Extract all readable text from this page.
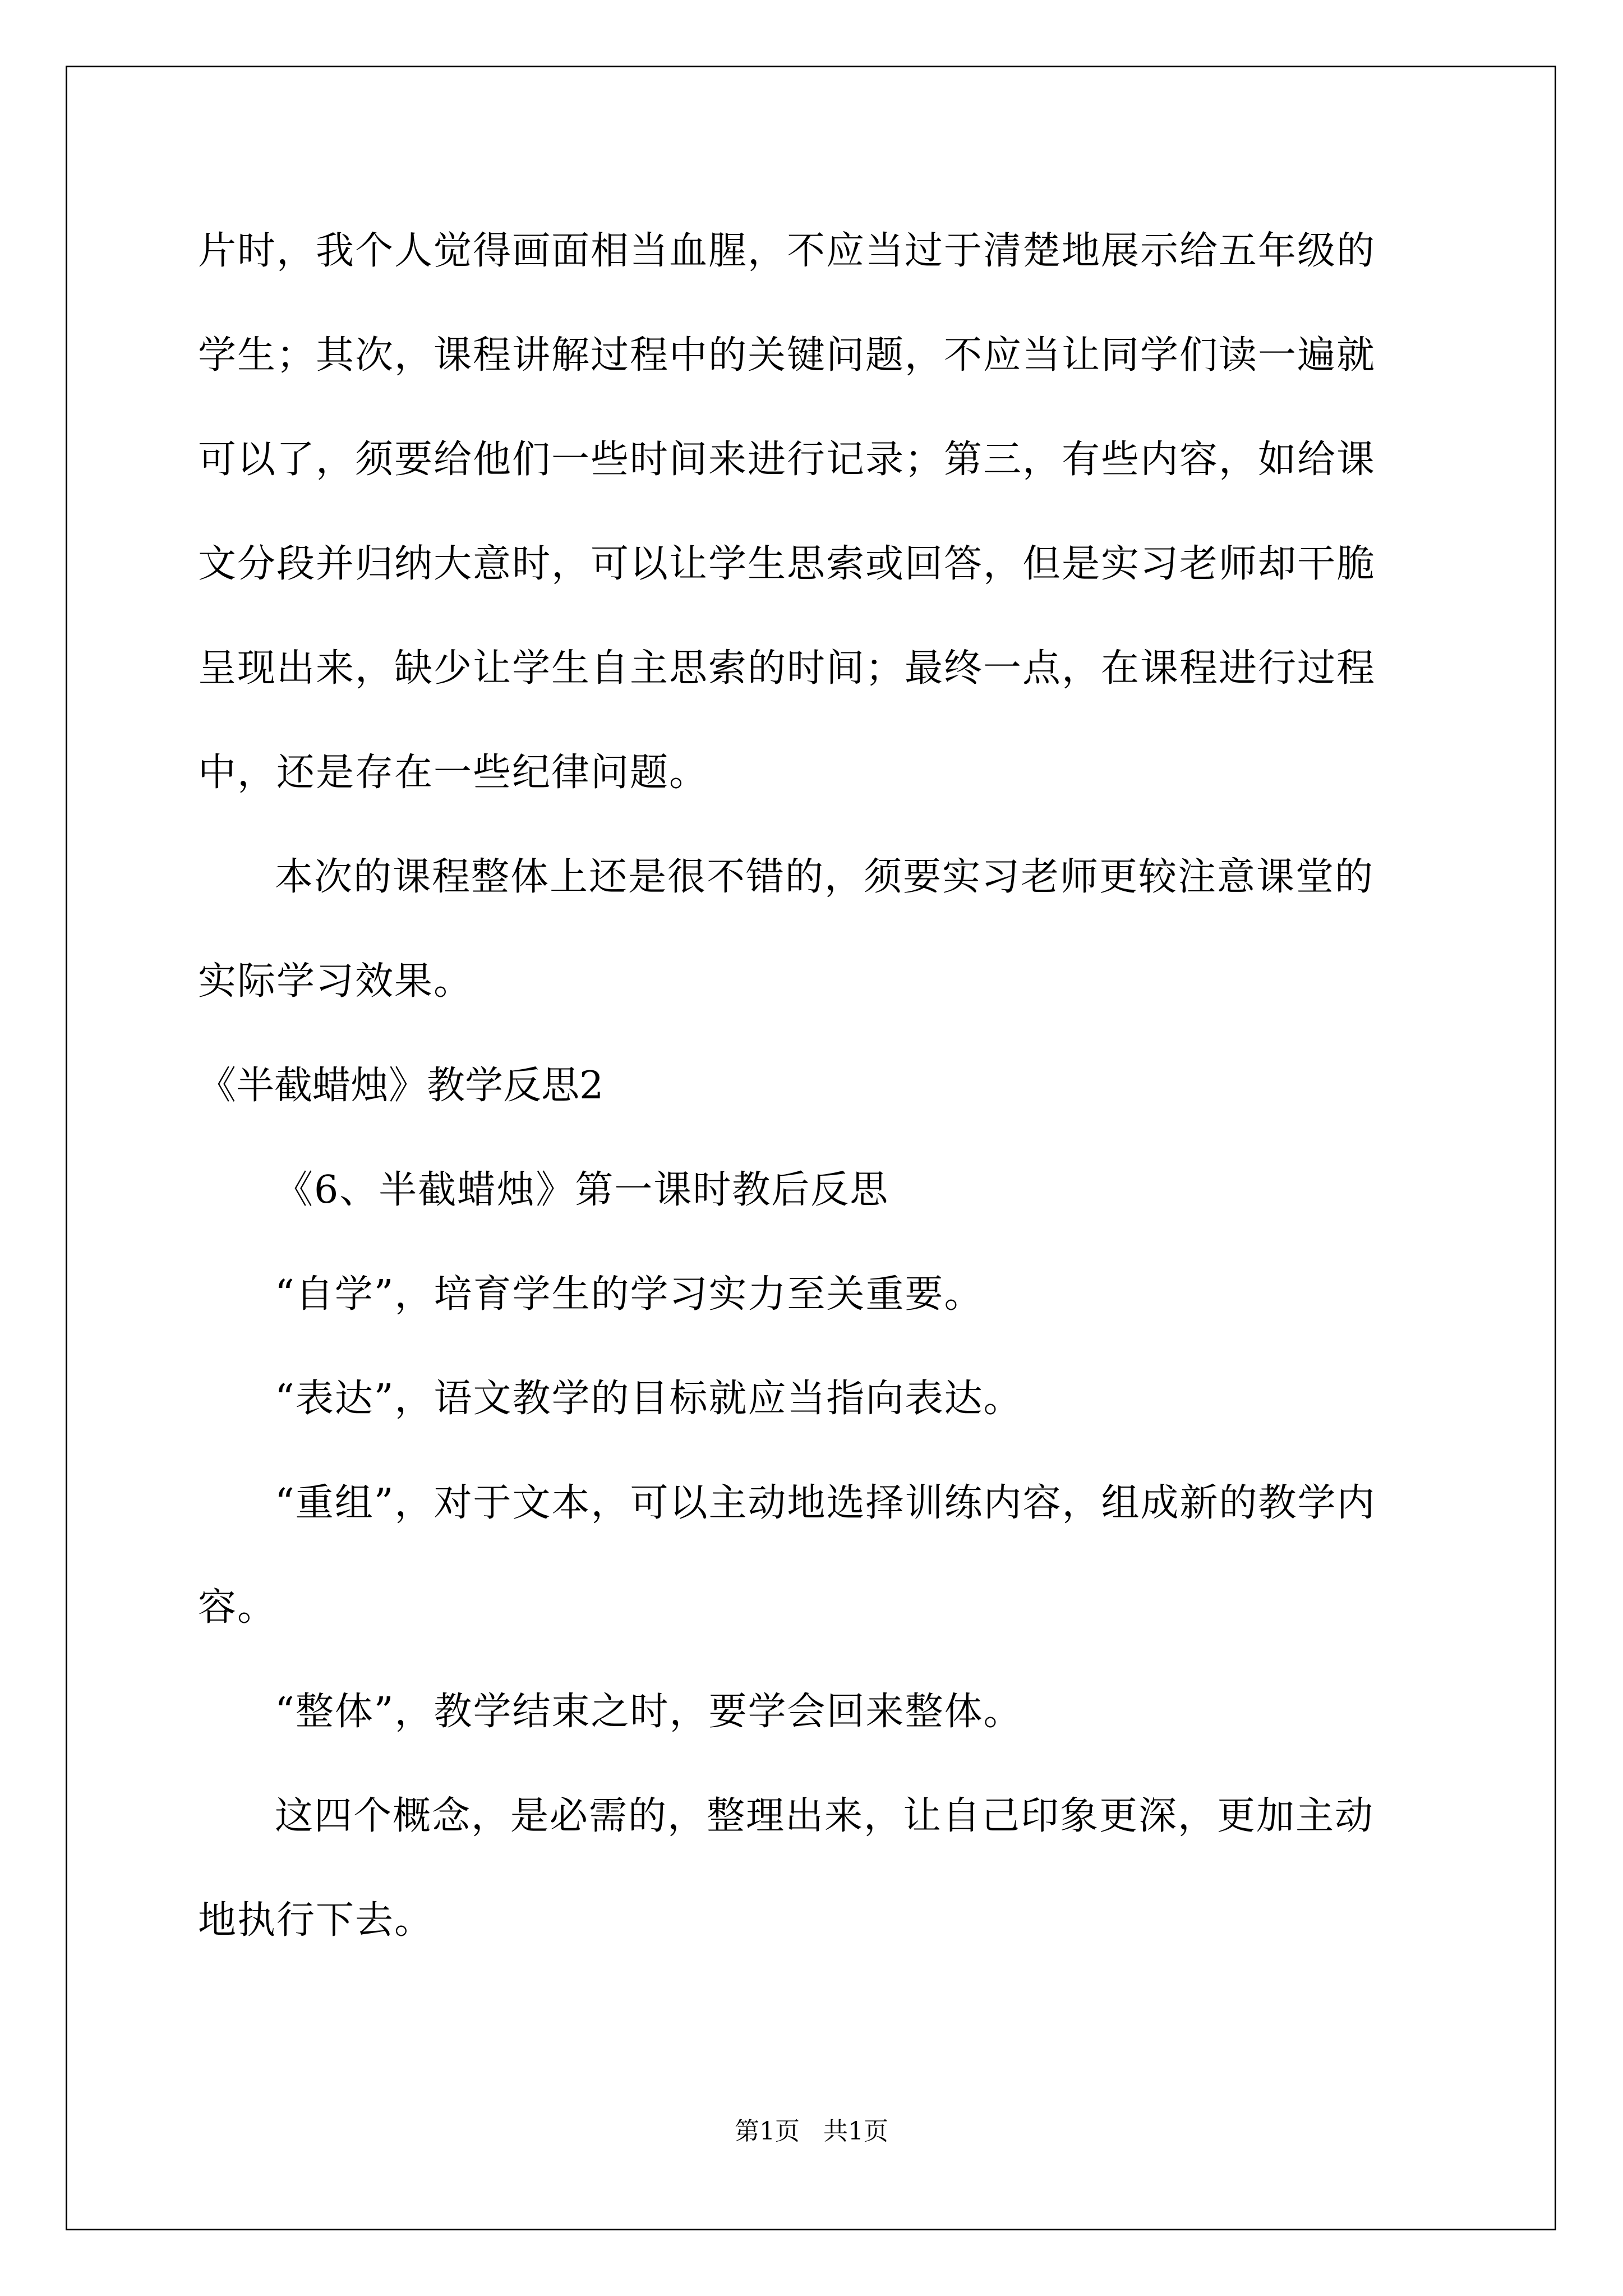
片时，我个人觉得画面相当血腥，不应当过于清楚地展示给五年级的
学生；其次，课程讲解过程中的关键问题，不应当让同学们读一遍就
可以了，须要给他们一些时间来进行记录；第三，有些内容，如给课
文分段并归纳大意时，可以让学生思索或回答，但是实习老师却干脆
呈现出来，缺少让学生自主思索的时间；最终一点，在课程进行过程
中，还是存在一些纪律问题。
本次的课程整体上还是很不错的，须要实习老师更较注意课堂的
实际学习效果。
《半截蜡烛》教学反思2
《6、半截蜡烛》第一课时教后反思
“自学”，培育学生的学习实力至关重要。
“表达”，语文教学的目标就应当指向表达。
“重组”，对于文本，可以主动地选择训练内容，组成新的教学内
容。
“整体”，教学结束之时，要学会回来整体。
这四个概念，是必需的，整理出来，让自己印象更深，更加主动
地执行下去。
第1页   共1页
